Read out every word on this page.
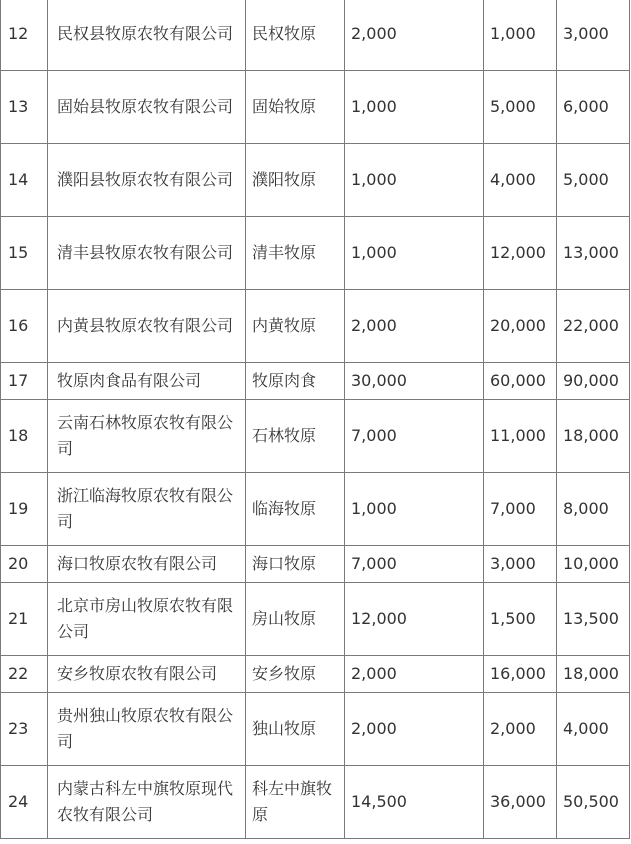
12	民权县牧原农牧有限公司	民权牧原	2,000	1,000	3,000
13	固始县牧原农牧有限公司	固始牧原	1,000	5,000	6,000
14	濮阳县牧原农牧有限公司	濮阳牧原	1,000	4,000	5,000
15	清丰县牧原农牧有限公司	清丰牧原	1,000	12,000	13,000
16	内黄县牧原农牧有限公司	内黄牧原	2,000	20,000	22,000
17	牧原肉食品有限公司	牧原肉食	30,000	60,000	90,000
18	云南石林牧原农牧有限公司	石林牧原	7,000	11,000	18,000
19	浙江临海牧原农牧有限公司	临海牧原	1,000	7,000	8,000
20	海口牧原农牧有限公司	海口牧原	7,000	3,000	10,000
21	北京市房山牧原农牧有限公司	房山牧原	12,000	1,500	13,500
22	安乡牧原农牧有限公司	安乡牧原	2,000	16,000	18,000
23	贵州独山牧原农牧有限公司	独山牧原	2,000	2,000	4,000
24	内蒙古科左中旗牧原现代农牧有限公司	科左中旗牧原	14,500	36,000	50,500
